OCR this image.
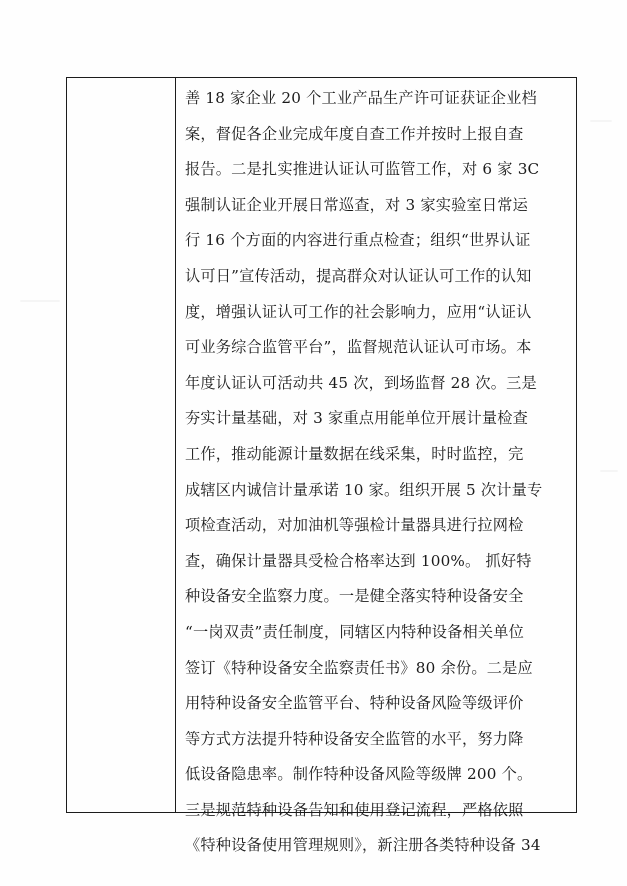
善 18 家企业 20 个工业产品生产许可证获证企业档
案，督促各企业完成年度自查工作并按时上报自查
报告。二是扎实推进认证认可监管工作，对 6 家 3C
强制认证企业开展日常巡查，对 3 家实验室日常运
行 16 个方面的内容进行重点检查；组织“世界认证
认可日”宣传活动，提高群众对认证认可工作的认知
度，增强认证认可工作的社会影响力，应用“认证认
可业务综合监管平台”，监督规范认证认可市场。本
年度认证认可活动共 45 次，到场监督 28 次。三是
夯实计量基础，对 3 家重点用能单位开展计量检查
工作，推动能源计量数据在线采集，时时监控，完
成辖区内诚信计量承诺 10 家。组织开展 5 次计量专
项检查活动，对加油机等强检计量器具进行拉网检
查，确保计量器具受检合格率达到 100%。 抓好特
种设备安全监察力度。一是健全落实特种设备安全
“一岗双责”责任制度，同辖区内特种设备相关单位
签订《特种设备安全监察责任书》80 余份。二是应
用特种设备安全监管平台、特种设备风险等级评价
等方式方法提升特种设备安全监管的水平，努力降
低设备隐患率。制作特种设备风险等级牌 200 个。
三是规范特种设备告知和使用登记流程，严格依照
《特种设备使用管理规则》，新注册各类特种设备 34
